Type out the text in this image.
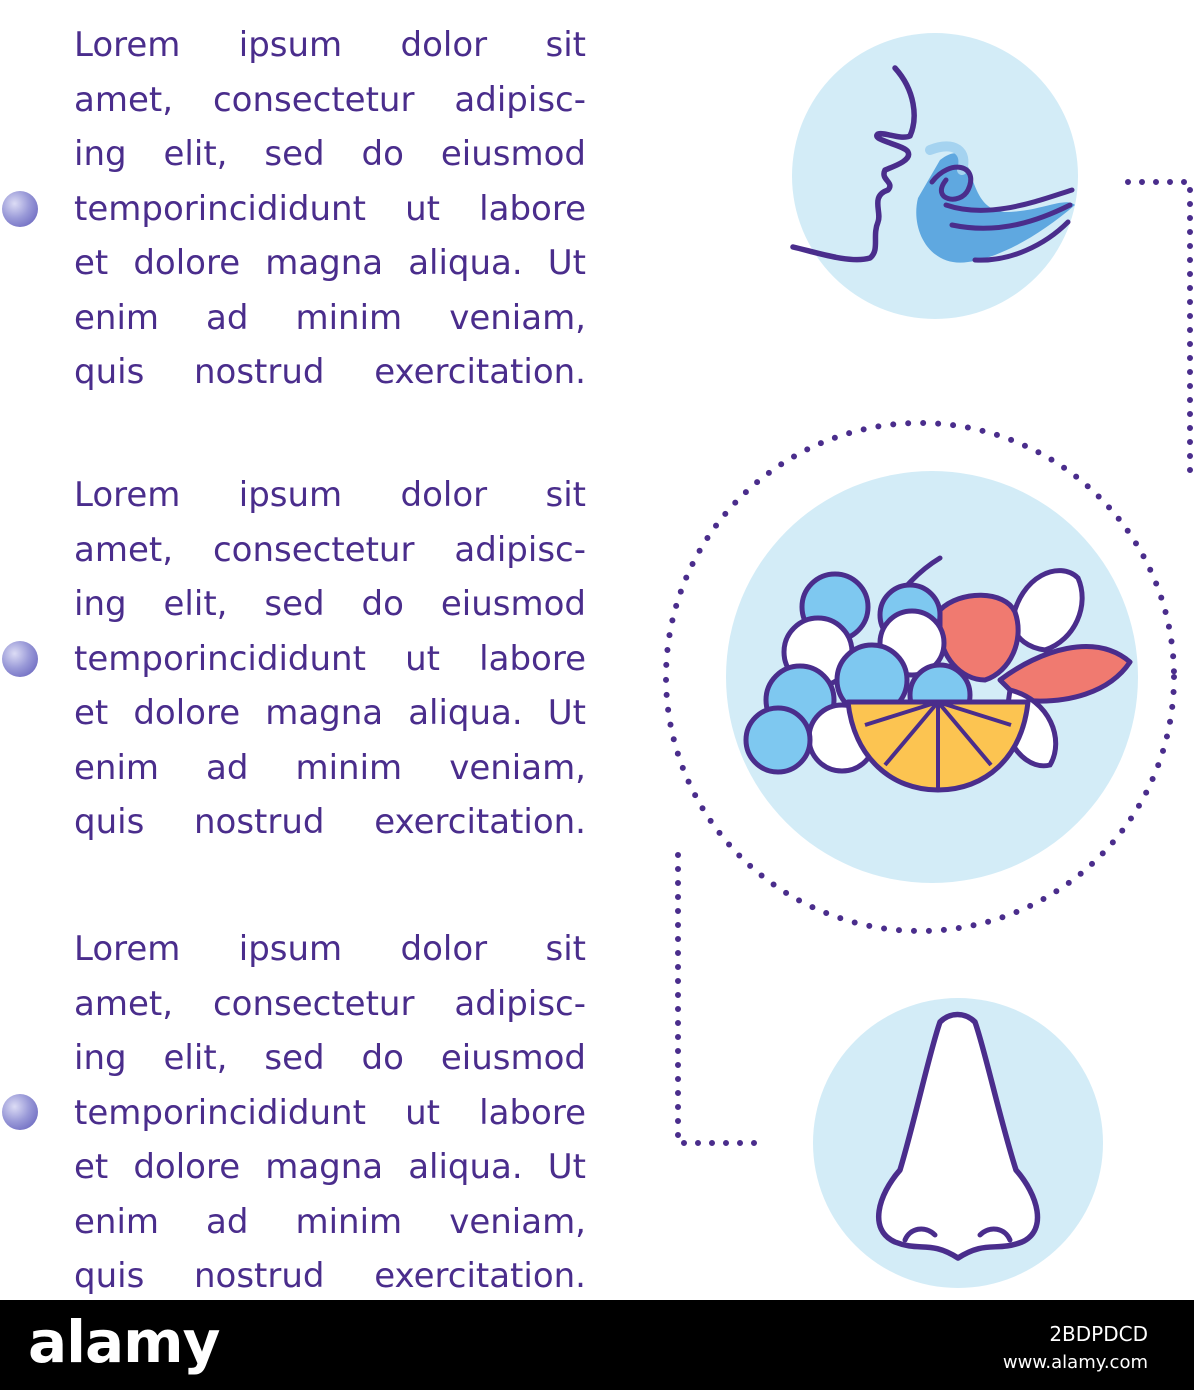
Lorem ipsum dolor sit
amet, consectetur adipisc-
ing elit, sed do eiusmod
temporincididunt ut labore
et dolore magna aliqua. Ut
enim ad minim veniam,
quis nostrud exercitation.

Lorem ipsum dolor sit
amet, consectetur adipisc-
ing elit, sed do eiusmod
temporincididunt ut labore
et dolore magna aliqua. Ut
enim ad minim veniam,
quis nostrud exercitation.

Lorem ipsum dolor sit
amet, consectetur adipisc-
ing elit, sed do eiusmod
temporincididunt ut labore
et dolore magna aliqua. Ut
enim ad minim veniam,
quis nostrud exercitation.

alamy	2BDPDCD
www.alamy.com
